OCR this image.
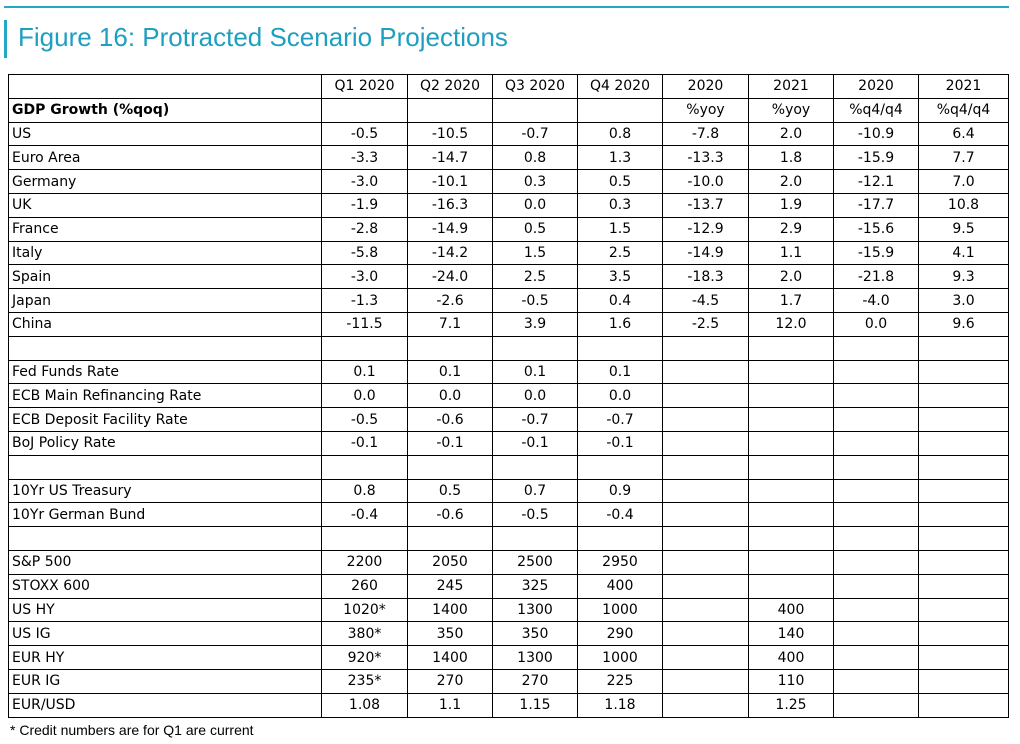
Figure 16: Protracted Scenario Projections
	Q1 2020	Q2 2020	Q3 2020	Q4 2020	2020	2021	2020	2021
GDP Growth (%qoq)					%yoy	%yoy	%q4/q4	%q4/q4
US	-0.5	-10.5	-0.7	0.8	-7.8	2.0	-10.9	6.4
Euro Area	-3.3	-14.7	0.8	1.3	-13.3	1.8	-15.9	7.7
Germany	-3.0	-10.1	0.3	0.5	-10.0	2.0	-12.1	7.0
UK	-1.9	-16.3	0.0	0.3	-13.7	1.9	-17.7	10.8
France	-2.8	-14.9	0.5	1.5	-12.9	2.9	-15.6	9.5
Italy	-5.8	-14.2	1.5	2.5	-14.9	1.1	-15.9	4.1
Spain	-3.0	-24.0	2.5	3.5	-18.3	2.0	-21.8	9.3
Japan	-1.3	-2.6	-0.5	0.4	-4.5	1.7	-4.0	3.0
China	-11.5	7.1	3.9	1.6	-2.5	12.0	0.0	9.6

Fed Funds Rate	0.1	0.1	0.1	0.1				
ECB Main Refinancing Rate	0.0	0.0	0.0	0.0				
ECB Deposit Facility Rate	-0.5	-0.6	-0.7	-0.7				
BoJ Policy Rate	-0.1	-0.1	-0.1	-0.1				

10Yr US Treasury	0.8	0.5	0.7	0.9				
10Yr German Bund	-0.4	-0.6	-0.5	-0.4				

S&P 500	2200	2050	2500	2950				
STOXX 600	260	245	325	400				
US HY	1020*	1400	1300	1000		400		
US IG	380*	350	350	290		140		
EUR HY	920*	1400	1300	1000		400		
EUR IG	235*	270	270	225		110		
EUR/USD	1.08	1.1	1.15	1.18		1.25		
* Credit numbers are for Q1 are current
